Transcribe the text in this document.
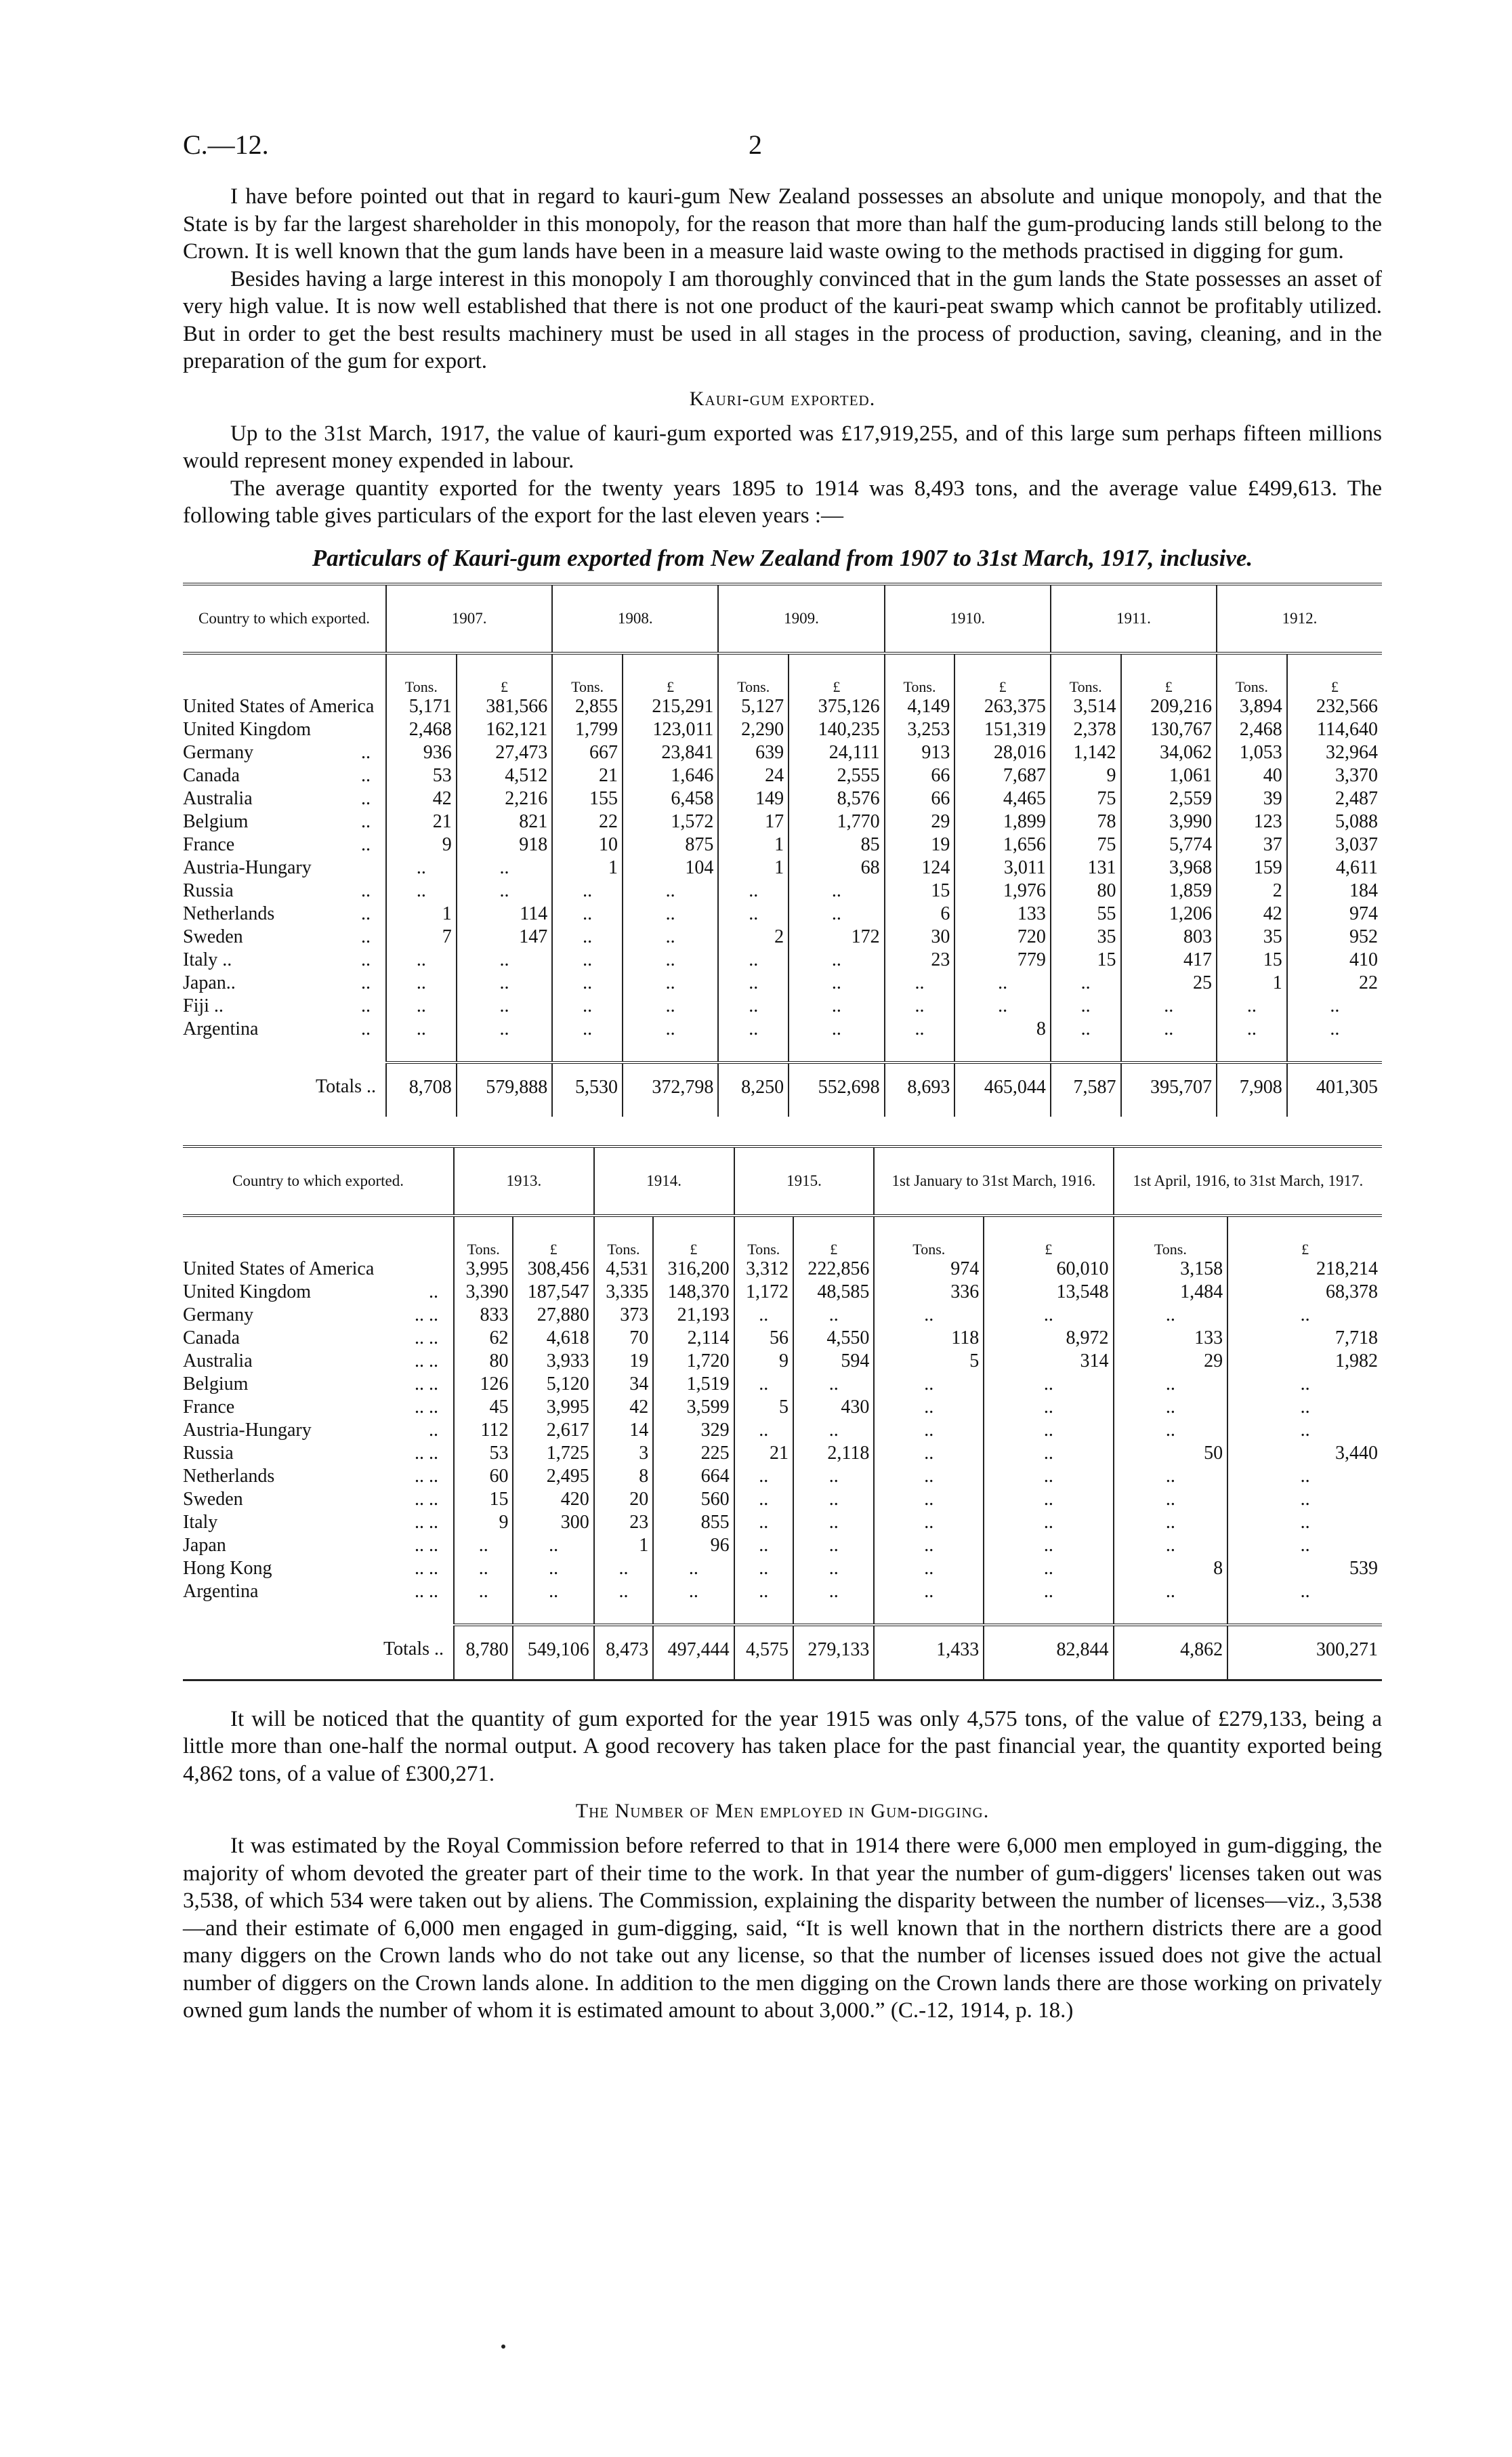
C.—12.	2

I have before pointed out that in regard to kauri-gum New Zealand possesses an absolute and unique monopoly, and that the State is by far the largest shareholder in this monopoly, for the reason that more than half the gum-producing lands still belong to the Crown. It is well known that the gum lands have been in a measure laid waste owing to the methods practised in digging for gum.

Besides having a large interest in this monopoly I am thoroughly convinced that in the gum lands the State possesses an asset of very high value. It is now well established that there is not one product of the kauri-peat swamp which cannot be profitably utilized. But in order to get the best results machinery must be used in all stages in the process of production, saving, cleaning, and in the preparation of the gum for export.

Kauri-gum exported.

Up to the 31st March, 1917, the value of kauri-gum exported was £17,919,255, and of this large sum perhaps fifteen millions would represent money expended in labour.

The average quantity exported for the twenty years 1895 to 1914 was 8,493 tons, and the average value £499,613. The following table gives particulars of the export for the last eleven years :—

Particulars of Kauri-gum exported from New Zealand from 1907 to 31st March, 1917, inclusive.
Country to which exported.	1907.		1908.		1909.		1910.		1911.		1912.	
	Tons.	£	Tons.	£	Tons.	£	Tons.	£	Tons.	£	Tons.	£
United States of America	5,171	381,566	2,855	215,291	5,127	375,126	4,149	263,375	3,514	209,216	3,894	232,566
United Kingdom	2,468	162,121	1,799	123,011	2,290	140,235	3,253	151,319	2,378	130,767	2,468	114,640
Germany ..	936	27,473	667	23,841	639	24,111	913	28,016	1,142	34,062	1,053	32,964
Canada ..	53	4,512	21	1,646	24	2,555	66	7,687	9	1,061	40	3,370
Australia ..	42	2,216	155	6,458	149	8,576	66	4,465	75	2,559	39	2,487
Belgium ..	21	821	22	1,572	17	1,770	29	1,899	78	3,990	123	5,088
France ..	9	918	10	875	1	85	19	1,656	75	5,774	37	3,037
Austria-Hungary	..	..	1	104	1	68	124	3,011	131	3,968	159	4,611
Russia ..	..	..	..	..	..	..	15	1,976	80	1,859	2	184
Netherlands ..	1	114	..	..	..	..	6	133	55	1,206	42	974
Sweden ..	7	147	..	..	2	172	30	720	35	803	35	952
Italy .. ..	..	..	..	..	..	..	23	779	15	417	15	410
Japan.. ..	..	..	..	..	..	..	..	..	..	25	1	22
Fiji .. ..	..	..	..	..	..	..	..	..	..	..	..	..
Argentina ..	..	..	..	..	..	..	..	8	..	..	..	..

Totals ..	8,708	579,888	5,530	372,798	8,250	552,698	8,693	465,044	7,587	395,707	7,908	401,305
Country to which exported.	1913.		1914.		1915.		1st January to 31st March, 1916.		1st April, 1916, to 31st March, 1917.	
	Tons.	£	Tons.	£	Tons.	£	Tons.	£	Tons.	£
United States of America	3,995	308,456	4,531	316,200	3,312	222,856	974	60,010	3,158	218,214
United Kingdom ..	3,390	187,547	3,335	148,370	1,172	48,585	336	13,548	1,484	68,378
Germany .. ..	833	27,880	373	21,193	..	..	..	..	..	..
Canada .. ..	62	4,618	70	2,114	56	4,550	118	8,972	133	7,718
Australia .. ..	80	3,933	19	1,720	9	594	5	314	29	1,982
Belgium .. ..	126	5,120	34	1,519	..	..	..	..	..	..
France .. ..	45	3,995	42	3,599	5	430	..	..	..	..
Austria-Hungary ..	112	2,617	14	329	..	..	..	..	..	..
Russia .. ..	53	1,725	3	225	21	2,118	..	..	50	3,440
Netherlands .. ..	60	2,495	8	664	..	..	..	..	..	..
Sweden .. ..	15	420	20	560	..	..	..	..	..	..
Italy .. ..	9	300	23	855	..	..	..	..	..	..
Japan .. ..	..	..	1	96	..	..	..	..	..	..
Hong Kong .. ..	..	..	..	..	..	..	..	..	8	539
Argentina .. ..	..	..	..	..	..	..	..	..	..	..

Totals ..	8,780	549,106	8,473	497,444	4,575	279,133	1,433	82,844	4,862	300,271

It will be noticed that the quantity of gum exported for the year 1915 was only 4,575 tons, of the value of £279,133, being a little more than one-half the normal output. A good recovery has taken place for the past financial year, the quantity exported being 4,862 tons, of a value of £300,271.

The Number of Men employed in Gum-digging.

It was estimated by the Royal Commission before referred to that in 1914 there were 6,000 men employed in gum-digging, the majority of whom devoted the greater part of their time to the work. In that year the number of gum-diggers' licenses taken out was 3,538, of which 534 were taken out by aliens. The Commission, explaining the disparity between the number of licenses—viz., 3,538—and their estimate of 6,000 men engaged in gum-digging, said, “It is well known that in the northern districts there are a good many diggers on the Crown lands who do not take out any license, so that the number of licenses issued does not give the actual number of diggers on the Crown lands alone. In addition to the men digging on the Crown lands there are those working on privately owned gum lands the number of whom it is estimated amount to about 3,000.” (C.-12, 1914, p. 18.)
